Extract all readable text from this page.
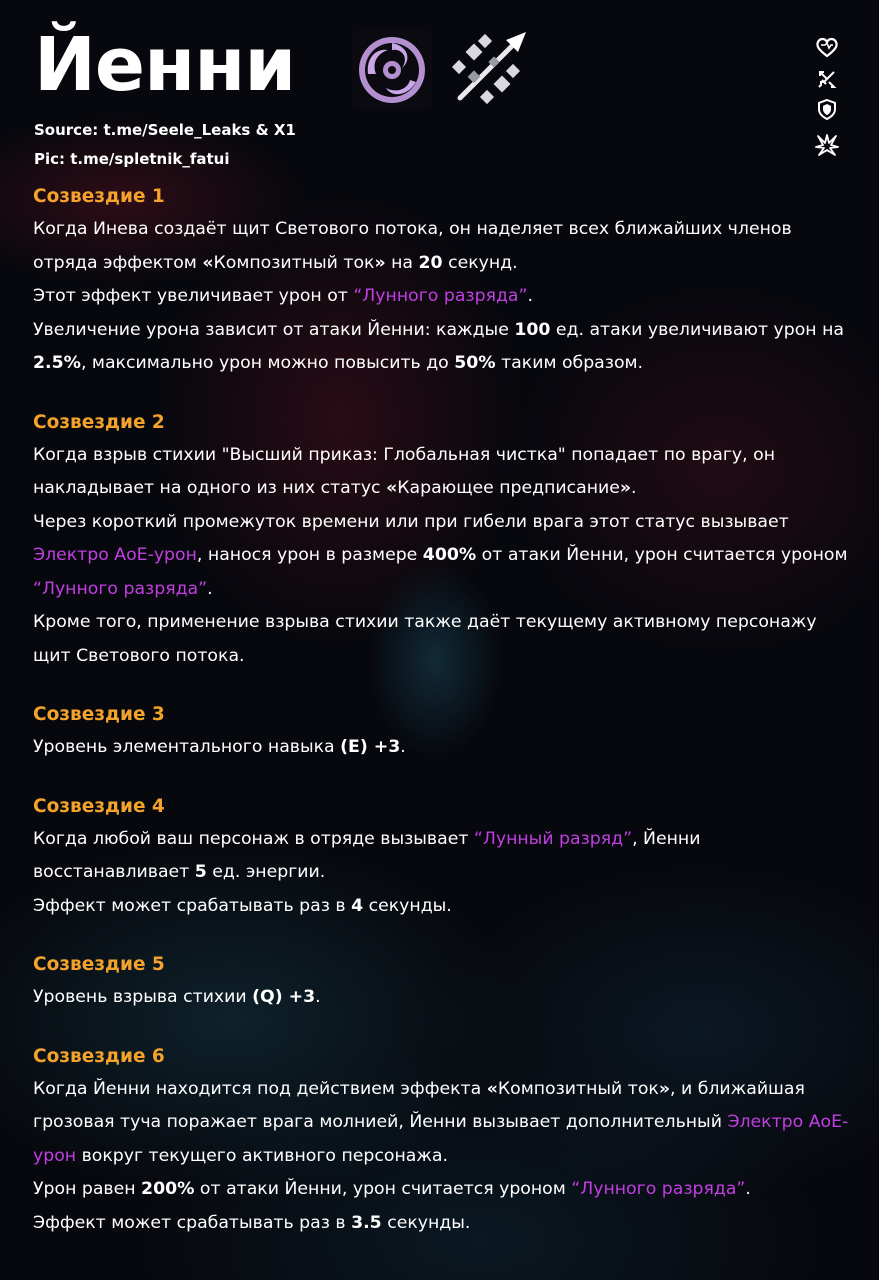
Йенни

Source: t.me/Seele_Leaks & X1

Pic: t.me/spletnik_fatui

Созвездие 1

Когда Инева создаёт щит Светового потока, он наделяет всех ближайших членов отряда эффектом «Композитный ток» на 20 секунд.

Этот эффект увеличивает урон от “Лунного разряда”.

Увеличение урона зависит от атаки Йенни: каждые 100 ед. атаки увеличивают урон на 2.5%, максимально урон можно повысить до 50% таким образом.

Созвездие 2

Когда взрыв стихии "Высший приказ: Глобальная чистка" попадает по врагу, он накладывает на одного из них статус «Карающее предписание».

Через короткий промежуток времени или при гибели врага этот статус вызывает Электро АоЕ-урон, нанося урон в размере 400% от атаки Йенни, урон считается уроном “Лунного разряда”.

Кроме того, применение взрыва стихии также даёт текущему активному персонажу щит Светового потока.

Созвездие 3

Уровень элементального навыка (E) +3.

Созвездие 4

Когда любой ваш персонаж в отряде вызывает “Лунный разряд”, Йенни восстанавливает 5 ед. энергии.

Эффект может срабатывать раз в 4 секунды.

Созвездие 5

Уровень взрыва стихии (Q) +3.

Созвездие 6

Когда Йенни находится под действием эффекта «Композитный ток», и ближайшая грозовая туча поражает врага молнией, Йенни вызывает дополнительный Электро АоЕ-урон вокруг текущего активного персонажа.

Урон равен 200% от атаки Йенни, урон считается уроном “Лунного разряда”.

Эффект может срабатывать раз в 3.5 секунды.
